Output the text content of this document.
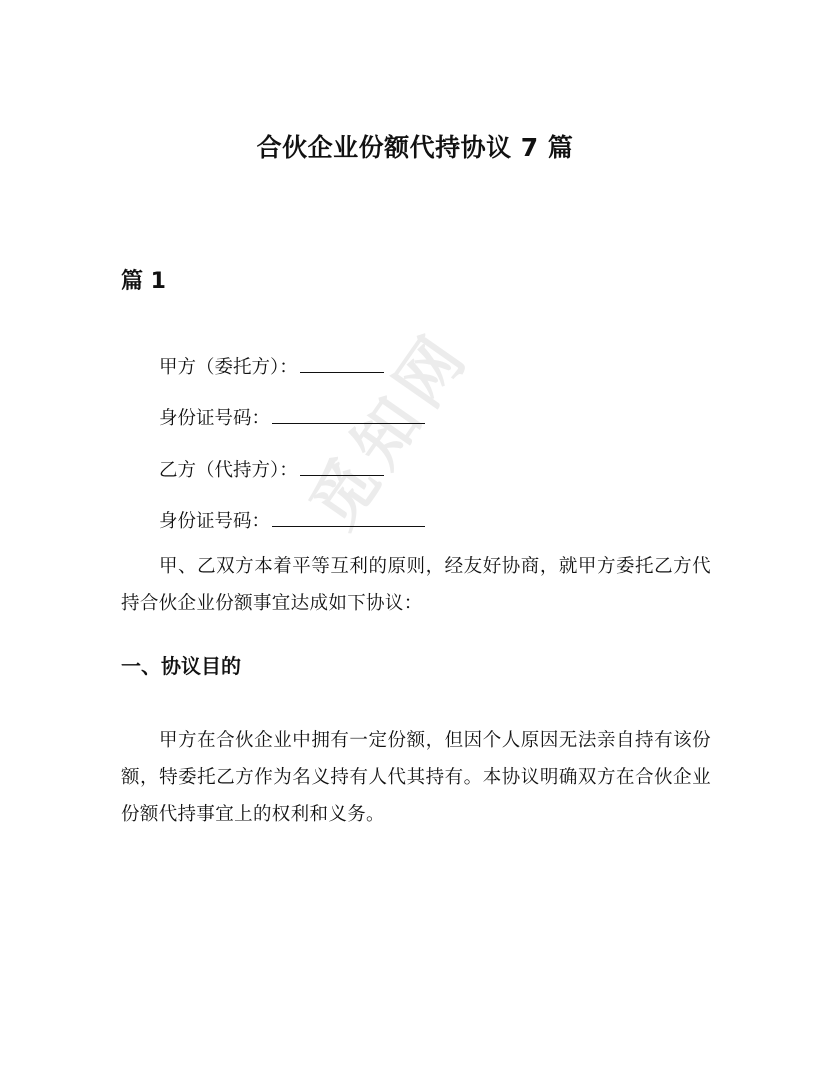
觅知网
合伙企业份额代持协议 7 篇
篇 1
甲方（委托方）：
身份证号码：
乙方（代持方）：
身份证号码：
甲、乙双方本着平等互利的原则，经友好协商，就甲方委托乙方代持合伙企业份额事宜达成如下协议：
一、协议目的
甲方在合伙企业中拥有一定份额，但因个人原因无法亲自持有该份额，特委托乙方作为名义持有人代其持有。本协议明确双方在合伙企业份额代持事宜上的权利和义务。
